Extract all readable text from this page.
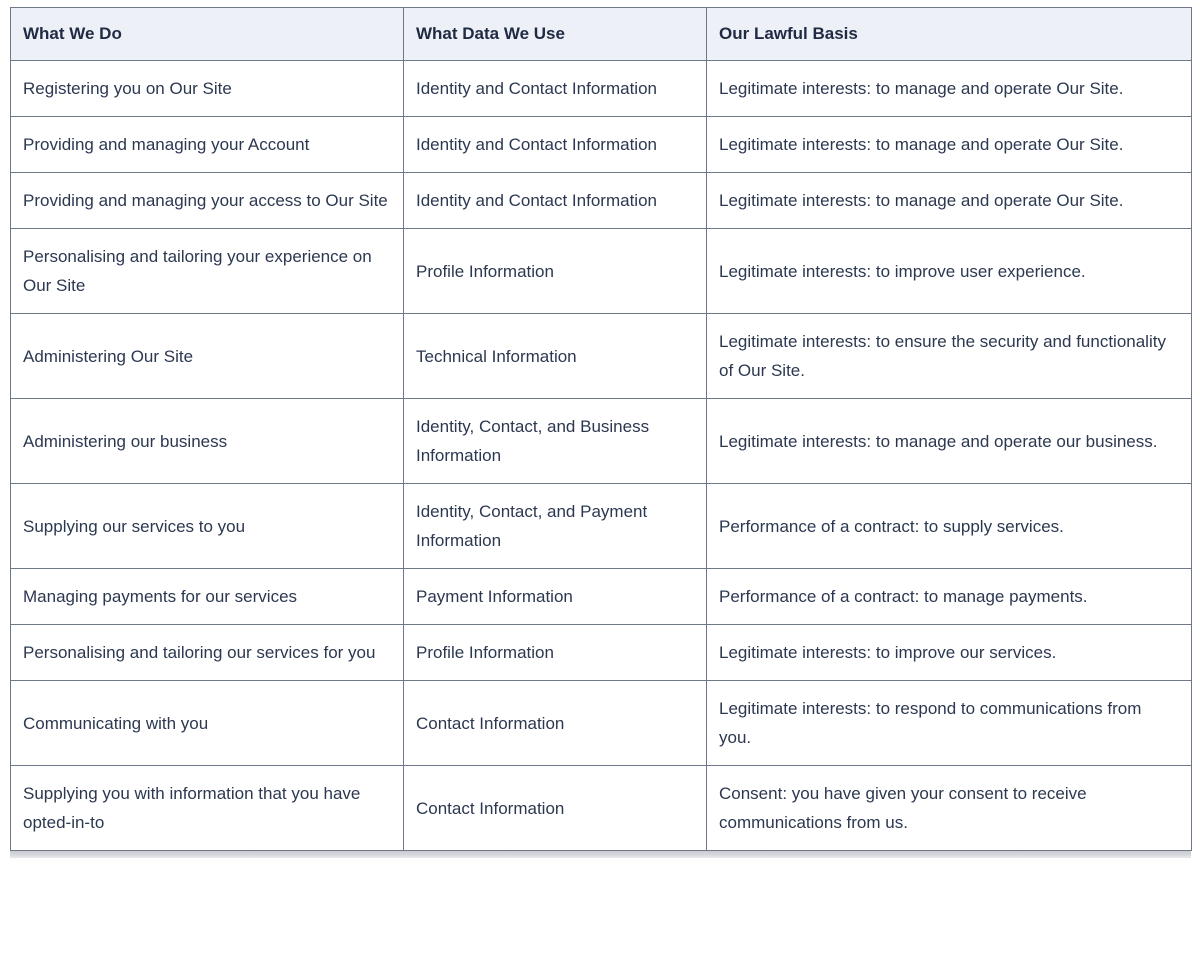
What We Do	What Data We Use	Our Lawful Basis
Registering you on Our Site	Identity and Contact Information	Legitimate interests: to manage and operate Our Site.
Providing and managing your Account	Identity and Contact Information	Legitimate interests: to manage and operate Our Site.
Providing and managing your access to Our Site	Identity and Contact Information	Legitimate interests: to manage and operate Our Site.
Personalising and tailoring your experience on Our Site	Profile Information	Legitimate interests: to improve user experience.
Administering Our Site	Technical Information	Legitimate interests: to ensure the security and functionality of Our Site.
Administering our business	Identity, Contact, and Business Information	Legitimate interests: to manage and operate our business.
Supplying our services to you	Identity, Contact, and Payment Information	Performance of a contract: to supply services.
Managing payments for our services	Payment Information	Performance of a contract: to manage payments.
Personalising and tailoring our services for you	Profile Information	Legitimate interests: to improve our services.
Communicating with you	Contact Information	Legitimate interests: to respond to communications from you.
Supplying you with information that you have opted-in-to	Contact Information	Consent: you have given your consent to receive communications from us.
